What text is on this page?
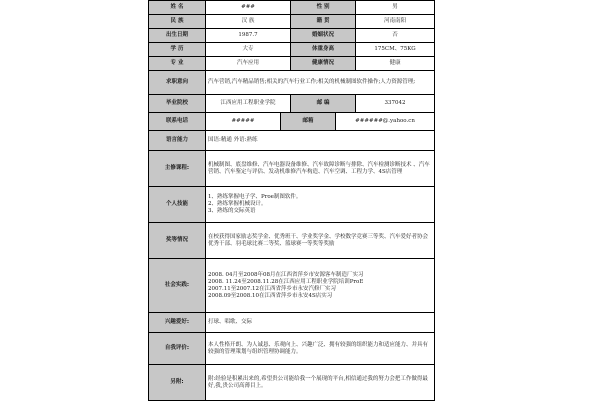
姓 名	###		性 别		男
民 族	汉 族		籍 贯		河南南阳
出生日期	1987.7		婚姻状况		否
学 历	大专		体重身高		175CM、75KG
专 业	汽车应用		健康情况		健康
求职意向	汽车营销,汽车精品销售;相关的汽车行业工作;相关的机械制图软件操作;人力资源管理;				

毕业院校	江西应用工程职业学院		邮 编		337042
联系电话	#####	邮箱		######@.yahoo.cn	
语言能力	国语:精通 外语:熟练				

主修课程:	机械制图、底盘维修、汽车电器设备维修、汽车故障诊断与排除、汽车检测诊断技术 、汽车营销、汽车鉴定与评估、发动机维修汽车构造、汽车空调、工程力学、4S店管理				

个人技能	1、熟练掌握电子学、Proe制图软件。
2、熟练掌握机械设计。
3、熟练的交际英语				

奖等情况	在校获得国家励志奖学金、优秀班干、学业奖学金、学校数学竞赛三等奖、汽车爱好者协会优秀干部、羽毛球比赛二等奖、篮球赛一等奖等奖励				

社会实践:	2008. 04月至2008年08月在江西省萍乡市安源客车制造厂实习
2008. 11.24至2008.11.28在江西应用工程职业学院培训ProE
2007.11至2007.12在江西省萍乡市永安汽修厂实习
2008.09至2008.10在江西省萍乡市永安4S店实习				

兴趣爱好:	打球、唱歌、交际				

自我评价:	本人性格开朗、为人诚恳、乐观向上、兴趣广泛、拥有较强的组织能力和适应能力、并具有较强的管理策划与组织管理协调能力。				

另附:	附:经验是积累出来的,希望贵公司能给我一个展现的平台,相信通过我的努力会把工作做得最好,我,贵公司高薄目上。				
